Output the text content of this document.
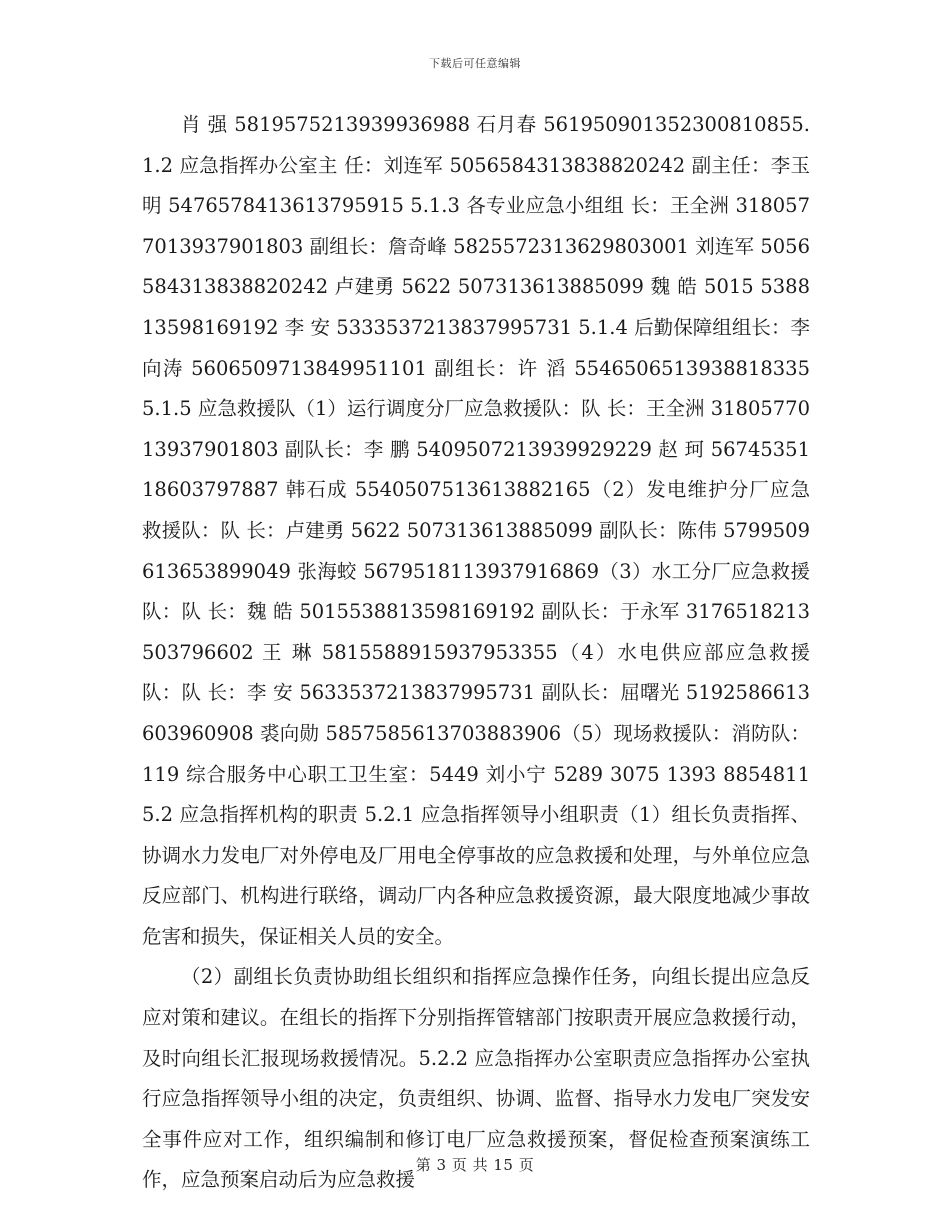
下载后可任意编辑

肖 强 5819575213939936988 石月春 561950901352300810855.1.2 应急指挥办公室主 任：刘连军 5056584313838820242 副主任：李玉明 5476578413613795915 5.1.3 各专业应急小组组 长：王全洲 3180577013937901803 副组长：詹奇峰 5825572313629803001 刘连军 5056584313838820242 卢建勇 5622 507313613885099 魏 皓 5015 538813598169192 李 安 5333537213837995731 5.1.4 后勤保障组组长：李向涛 5606509713849951101 副组长：许 滔 5546506513938818335 5.1.5 应急救援队（1）运行调度分厂应急救援队：队 长：王全洲 3180577013937901803 副队长：李 鹏 5409507213939929229 赵 珂 5674535118603797887 韩石成 5540507513613882165（2）发电维护分厂应急救援队：队 长：卢建勇 5622 507313613885099 副队长：陈伟 5799509613653899049 张海蛟 5679518113937916869（3）水工分厂应急救援队：队 长：魏 皓 5015538813598169192 副队长：于永军 3176518213503796602 王 琳 5815588915937953355（4）水电供应部应急救援队：队 长：李 安 5633537213837995731 副队长：屈曙光 5192586613603960908 裘向勋 5857585613703883906（5）现场救援队：消防队：119 综合服务中心职工卫生室：5449 刘小宁 5289 3075 1393 8854811 5.2 应急指挥机构的职责 5.2.1 应急指挥领导小组职责（1）组长负责指挥、协调水力发电厂对外停电及厂用电全停事故的应急救援和处理，与外单位应急反应部门、机构进行联络，调动厂内各种应急救援资源，最大限度地减少事故危害和损失，保证相关人员的安全。

（2）副组长负责协助组长组织和指挥应急操作任务，向组长提出应急反应对策和建议。在组长的指挥下分别指挥管辖部门按职责开展应急救援行动，及时向组长汇报现场救援情况。5.2.2 应急指挥办公室职责应急指挥办公室执行应急指挥领导小组的决定，负责组织、协调、监督、指导水力发电厂突发安全事件应对工作，组织编制和修订电厂应急救援预案，督促检查预案演练工作，应急预案启动后为应急救援

第 3 页 共 15 页
